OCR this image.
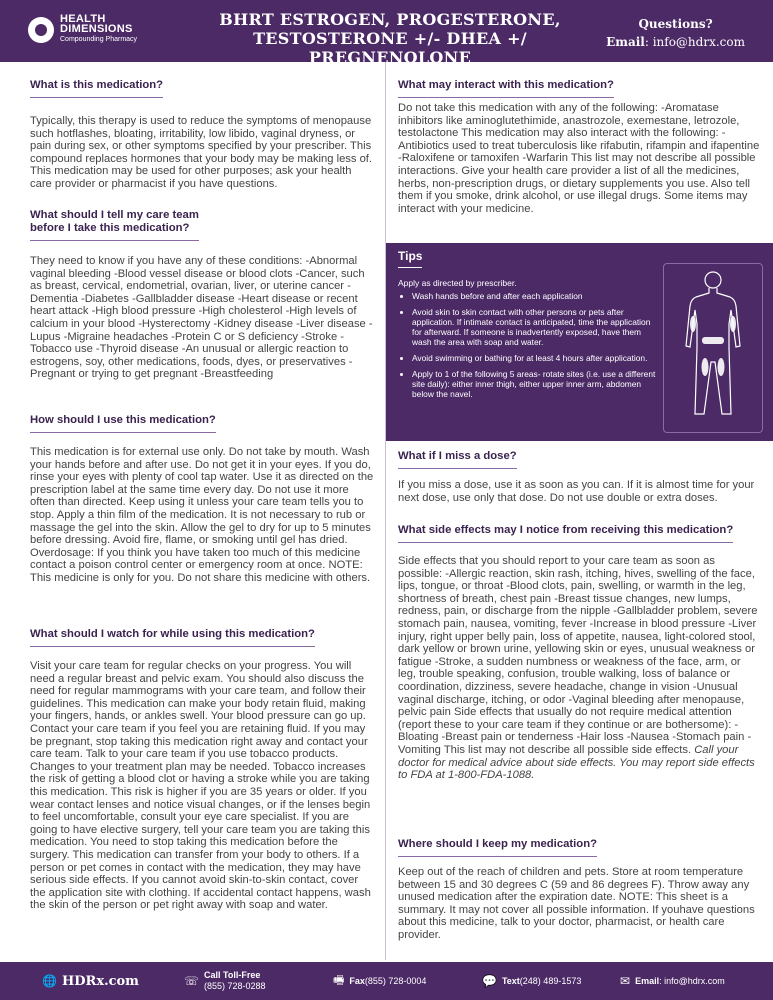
HEALTH
DIMENSIONS
Compounding Pharmacy
BHRT ESTROGEN, PROGESTERONE,
TESTOSTERONE +/- DHEA +/ PREGNENOLONE
Questions?
Email: info@hdrx.com
What is this medication?

Typically, this therapy is used to reduce the symptoms of menopause such hotflashes, bloating, irritability, low libido, vaginal dryness, or pain during sex, or other symptoms specified by your prescriber. This compound replaces hormones that your body may be making less of. This medication may be used for other purposes; ask your health care provider or pharmacist if you have questions.

What should I tell my care team
before I take this medication?

They need to know if you have any of these conditions: -Abnormal vaginal bleeding -Blood vessel disease or blood clots -Cancer, such as breast, cervical, endometrial, ovarian, liver, or uterine cancer -Dementia -Diabetes -Gallbladder disease -Heart disease or recent heart attack -High blood pressure -High cholesterol -High levels of calcium in your blood -Hysterectomy -Kidney disease -Liver disease -Lupus -Migraine headaches -Protein C or S deficiency -Stroke -Tobacco use -Thyroid disease -An unusual or allergic reaction to estrogens, soy, other medications, foods, dyes, or preservatives -Pregnant or trying to get pregnant -Breastfeeding

How should I use this medication?

This medication is for external use only. Do not take by mouth. Wash your hands before and after use. Do not get it in your eyes. If you do, rinse your eyes with plenty of cool tap water. Use it as directed on the prescription label at the same time every day. Do not use it more often than directed. Keep using it unless your care team tells you to stop. Apply a thin film of the medication. It is not necessary to rub or massage the gel into the skin. Allow the gel to dry for up to 5 minutes before dressing. Avoid fire, flame, or smoking until gel has dried. Overdosage: If you think you have taken too much of this medicine contact a poison control center or emergency room at once. NOTE: This medicine is only for you. Do not share this medicine with others.

What should I watch for while using this medication?

Visit your care team for regular checks on your progress. You will need a regular breast and pelvic exam. You should also discuss the need for regular mammograms with your care team, and follow their guidelines. This medication can make your body retain fluid, making your fingers, hands, or ankles swell. Your blood pressure can go up. Contact your care team if you feel you are retaining fluid. If you may be pregnant, stop taking this medication right away and contact your care team. Talk to your care team if you use tobacco products. Changes to your treatment plan may be needed. Tobacco increases the risk of getting a blood clot or having a stroke while you are taking this medication. This risk is higher if you are 35 years or older. If you wear contact lenses and notice visual changes, or if the lenses begin to feel uncomfortable, consult your eye care specialist. If you are going to have elective surgery, tell your care team you are taking this medication. You need to stop taking this medication before the surgery. This medication can transfer from your body to others. If a person or pet comes in contact with the medication, they may have serious side effects. If you cannot avoid skin-to-skin contact, cover the application site with clothing. If accidental contact happens, wash the skin of the person or pet right away with soap and water.

What may interact with this medication?

Do not take this medication with any of the following: -Aromatase inhibitors like aminoglutethimide, anastrozole, exemestane, letrozole, testolactone This medication may also interact with the following: -Antibiotics used to treat tuberculosis like rifabutin, rifampin and ifapentine -Raloxifene or tamoxifen -Warfarin This list may not describe all possible interactions. Give your health care provider a list of all the medicines, herbs, non-prescription drugs, or dietary supplements you use. Also tell them if you smoke, drink alcohol, or use illegal drugs. Some items may interact with your medicine.

What if I miss a dose?

If you miss a dose, use it as soon as you can. If it is almost time for your next dose, use only that dose. Do not use double or extra doses.

What side effects may I notice from receiving this medication?

Side effects that you should report to your care team as soon as possible: -Allergic reaction, skin rash, itching, hives, swelling of the face, lips, tongue, or throat -Blood clots, pain, swelling, or warmth in the leg, shortness of breath, chest pain -Breast tissue changes, new lumps, redness, pain, or discharge from the nipple -Gallbladder problem, severe stomach pain, nausea, vomiting, fever -Increase in blood pressure -Liver injury, right upper belly pain, loss of appetite, nausea, light-colored stool, dark yellow or brown urine, yellowing skin or eyes, unusual weakness or fatigue -Stroke, a sudden numbness or weakness of the face, arm, or leg, trouble speaking, confusion, trouble walking, loss of balance or coordination, dizziness, severe headache, change in vision -Unusual vaginal discharge, itching, or odor -Vaginal bleeding after menopause, pelvic pain Side effects that usually do not require medical attention (report these to your care team if they continue or are bothersome): -Bloating -Breast pain or tenderness -Hair loss -Nausea -Stomach pain -Vomiting This list may not describe all possible side effects. Call your doctor for medical advice about side effects. You may report side effects to FDA at 1-800-FDA-1088.

Where should I keep my medication?

Keep out of the reach of children and pets. Store at room temperature between 15 and 30 degrees C (59 and 86 degrees F). Throw away any unused medication after the expiration date. NOTE: This sheet is a summary. It may not cover all possible information. If youhave questions about this medicine, talk to your doctor, pharmacist, or health care provider.

Tips
Apply as directed by prescriber.
• Wash hands before and after each application
• Avoid skin to skin contact with other persons or pets after application. If intimate contact is anticipated, time the application for afterward. If someone is inadvertently exposed, have them wash the area with soap and water.
• Avoid swimming or bathing for at least 4 hours after application.
• Apply to 1 of the following 5 areas- rotate sites (i.e. use a different site daily): either inner thigh, either upper inner arm, abdomen below the navel.
🌐 HDRx.com	☏ Call Toll-Free
(855) 728-0288	🖷 Fax (855) 728-0004	💬 Text (248) 489-1573	✉ Email : info@hdrx.com
